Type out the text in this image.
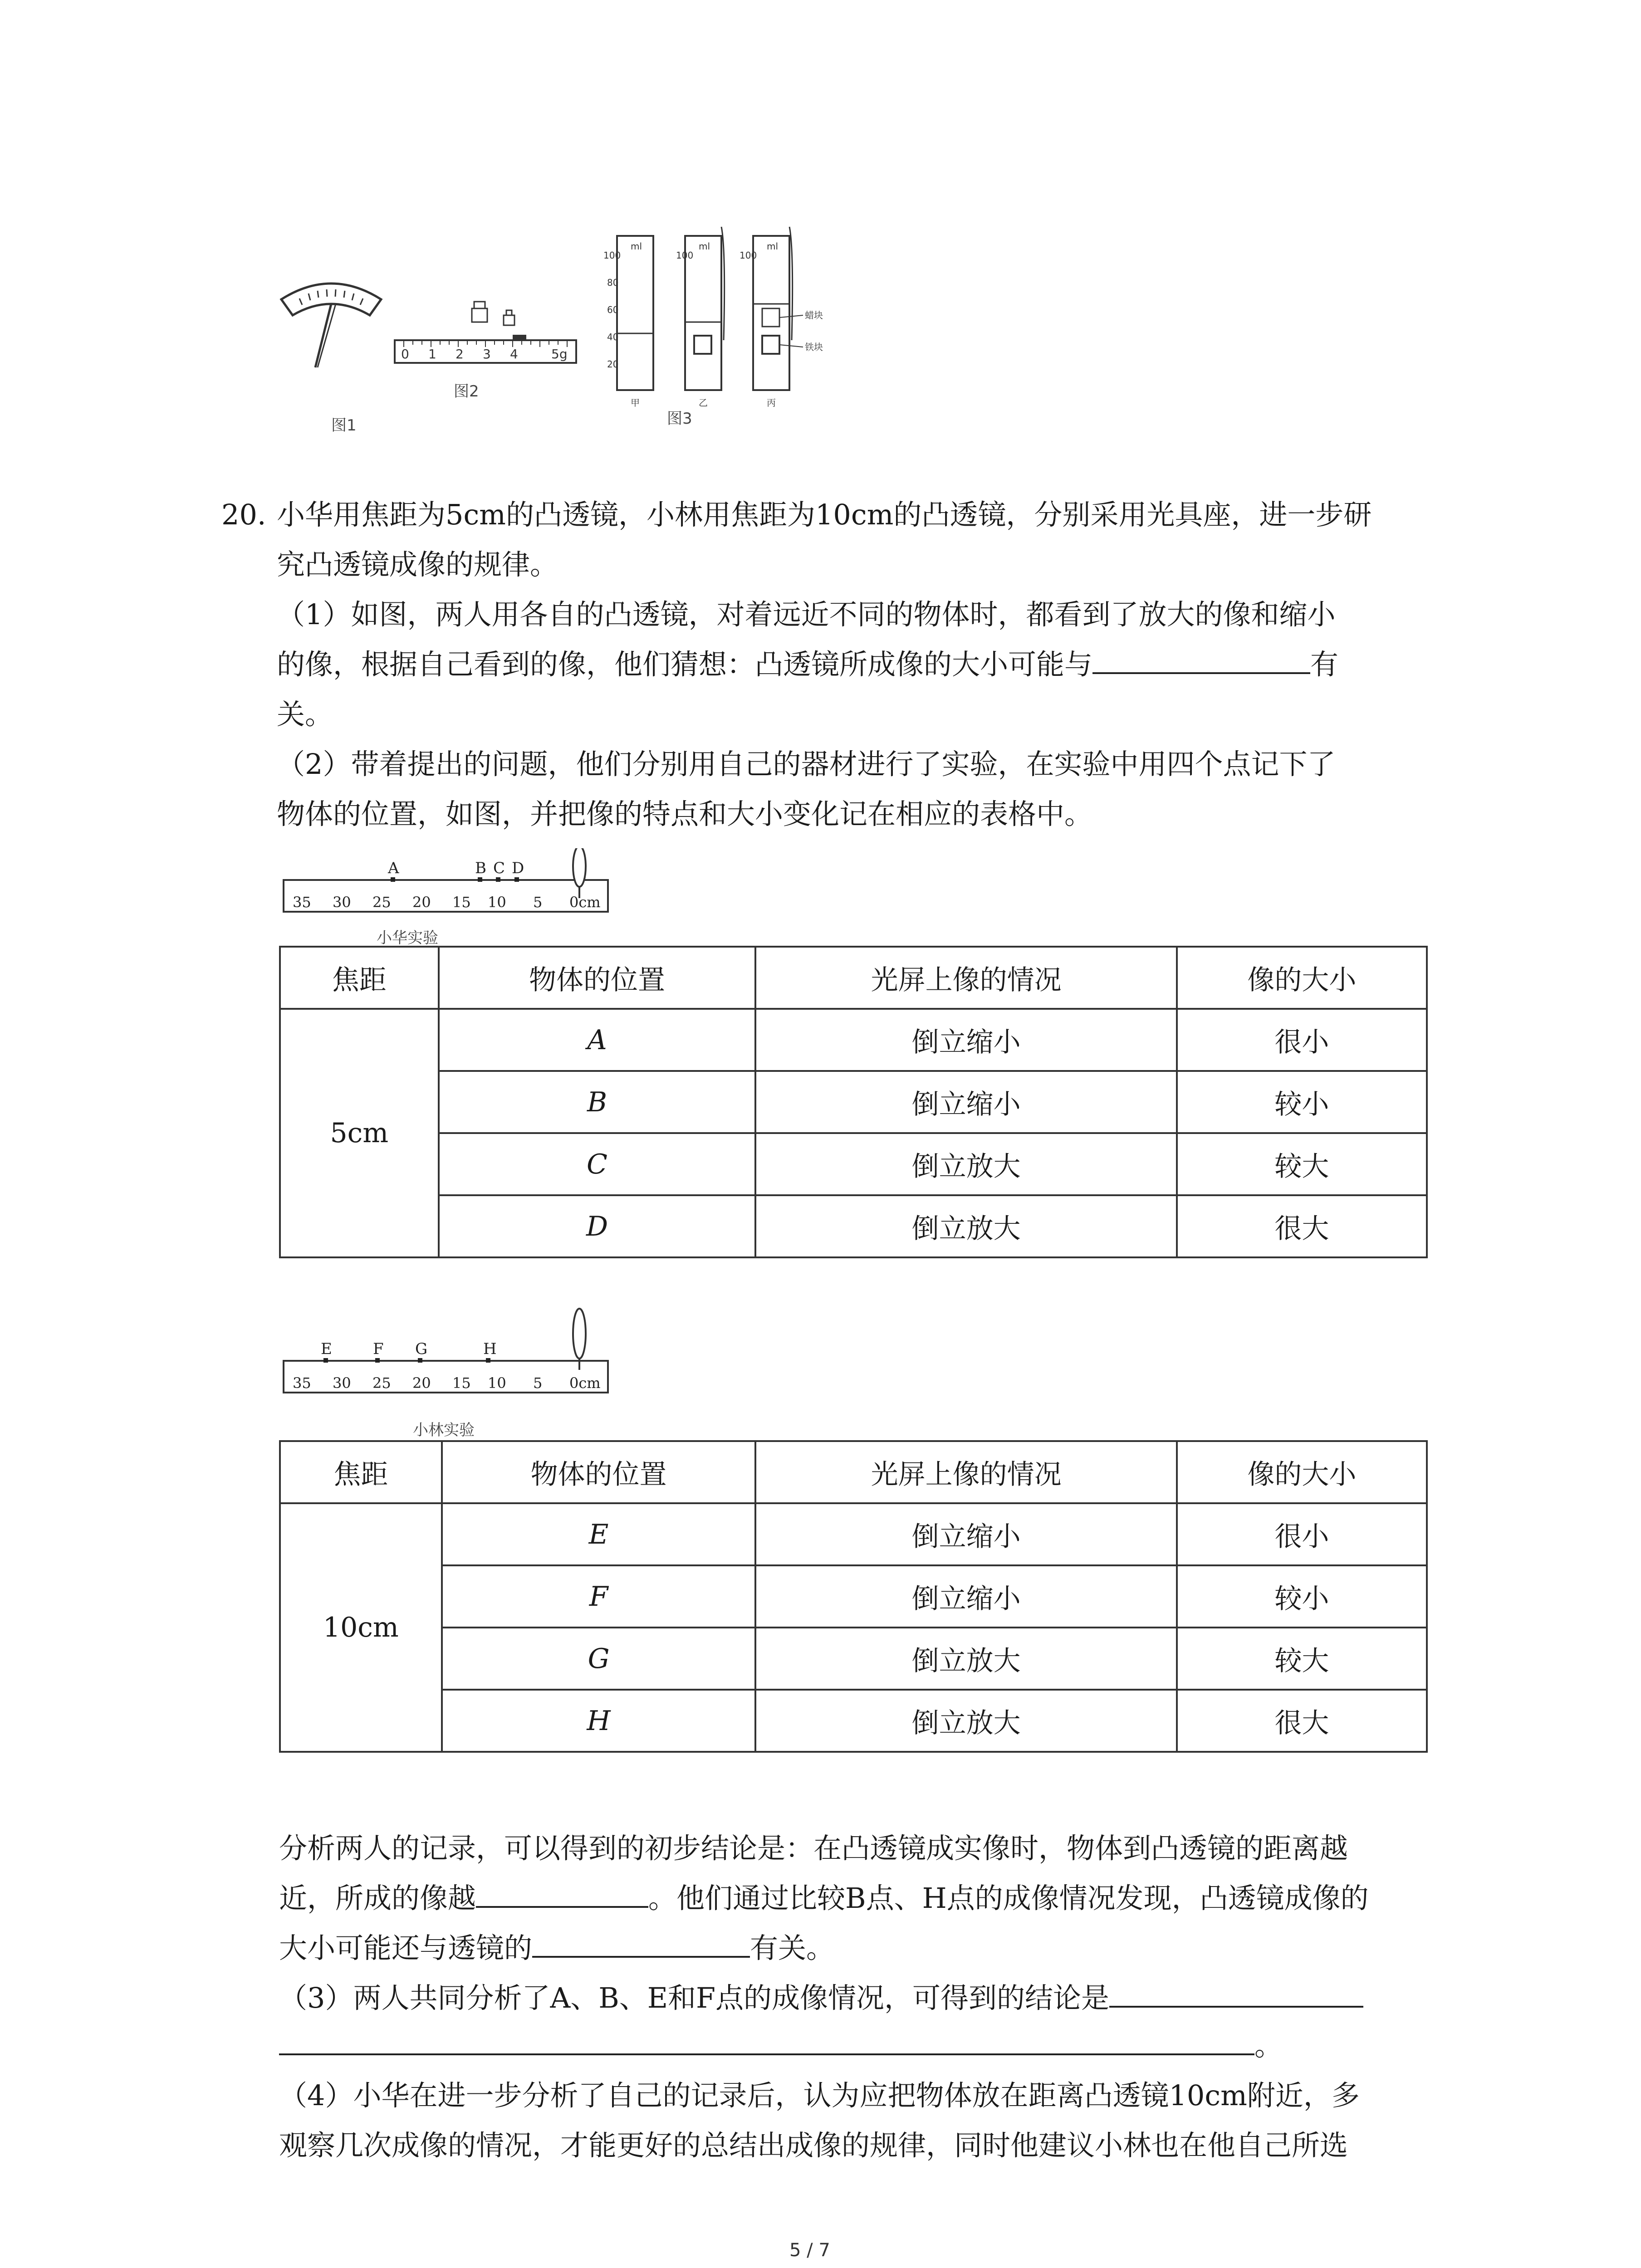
图1
0 1 2 3 4	5g
图2
100
80
60
40
20
ml	ml	ml
100	100
蜡块
铁块
甲	乙	丙
图3
20. 小华用焦距为5cm的凸透镜，小林用焦距为10cm的凸透镜，分别采用光具座，进一步研
究凸透镜成像的规律。
（1）如图，两人用各自的凸透镜，对着远近不同的物体时，都看到了放大的像和缩小
的像，根据自己看到的像，他们猜想：凸透镜所成像的大小可能与	有
关。
（2）带着提出的问题，他们分别用自己的器材进行了实验，在实验中用四个点记下了
物体的位置，如图，并把像的特点和大小变化记在相应的表格中。
A	B C D
35 30 25 20 15 10 5 0cm
小华实验
焦距	物体的位置	光屏上像的情况	像的大小
5cm	A	倒立缩小	很小
	B	倒立缩小	较小
	C	倒立放大	较大
	D	倒立放大	很大
E	F G	H
35 30 25 20 15 10 5 0cm
小林实验
焦距	物体的位置	光屏上像的情况	像的大小
10cm	E	倒立缩小	很小
	F	倒立缩小	较小
	G	倒立放大	较大
	H	倒立放大	很大
分析两人的记录，可以得到的初步结论是：在凸透镜成实像时，物体到凸透镜的距离越
近，所成的像越	。他们通过比较B点、H点的成像情况发现，凸透镜成像的
大小可能还与透镜的	有关。
（3）两人共同分析了A、B、E和F点的成像情况，可得到的结论是
。
（4）小华在进一步分析了自己的记录后，认为应把物体放在距离凸透镜10cm附近，多
观察几次成像的情况，才能更好的总结出成像的规律，同时他建议小林也在他自己所选
5 / 7
